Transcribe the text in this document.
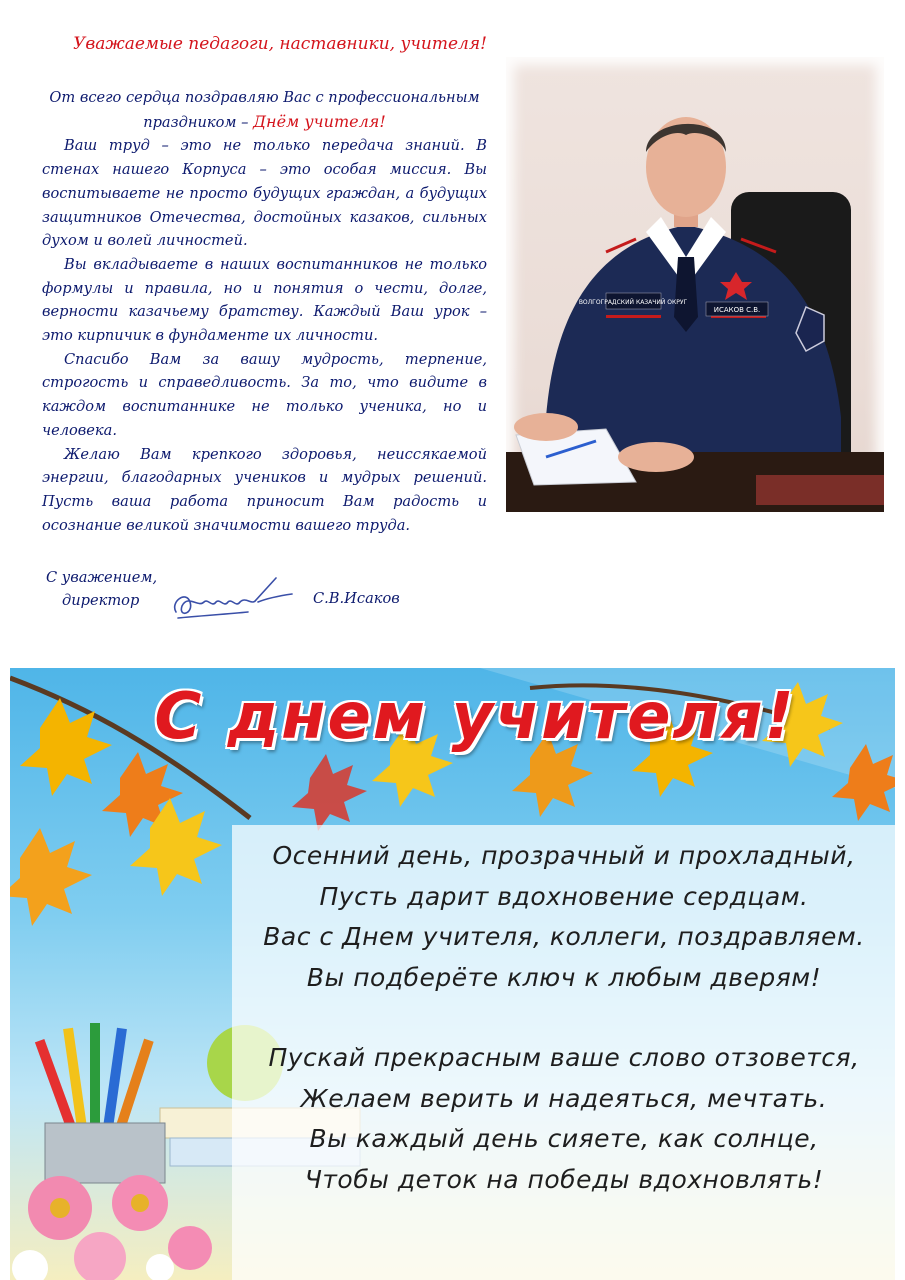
Уважаемые педагоги, наставники, учителя!

От всего сердца поздравляю Вас с профессиональным праздником – Днём учителя!

Ваш труд – это не только передача знаний. В стенах нашего Корпуса – это особая миссия. Вы воспитываете не просто будущих граждан, а будущих защитников Отечества, достойных казаков, сильных духом и волей личностей.

Вы вкладываете в наших воспитанников не только формулы и правила, но и понятия о чести, долге, верности казачьему братству. Каждый Ваш урок – это кирпичик в фундаменте их личности.

Спасибо Вам за вашу мудрость, терпение, строгость и справедливость. За то, что видите в каждом воспитаннике не только ученика, но и человека.

Желаю Вам крепкого здоровья, неиссякаемой энергии, благодарных учеников и мудрых решений. Пусть ваша работа приносит Вам радость и осознание великой значимости вашего труда.

С уважением,
директор	С.В.Исаков
ВОЛГОГРАДСКИЙ КАЗАЧИЙ ОКРУГ
ИСАКОВ С.В.
С днем учителя!
Осенний день, прозрачный и прохладный,
Пусть дарит вдохновение сердцам.
Вас с Днем учителя, коллеги, поздравляем.
Вы подберёте ключ к любым дверям!
Пускай прекрасным ваше слово отзовется,
Желаем верить и надеяться, мечтать.
Вы каждый день сияете, как солнце,
Чтобы деток на победы вдохновлять!
